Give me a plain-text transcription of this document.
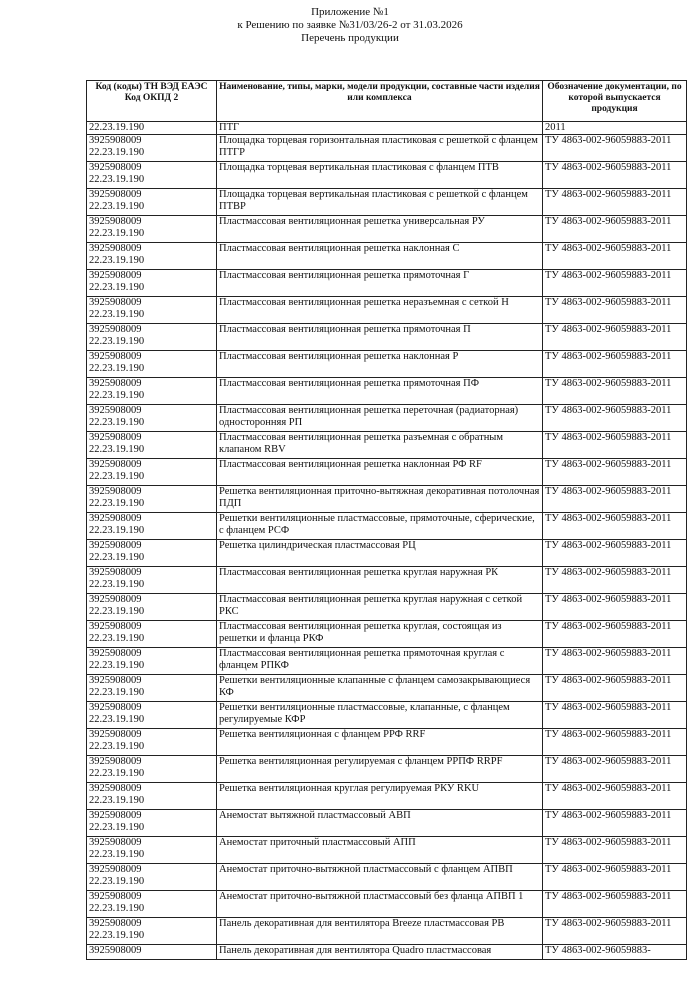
Приложение №1
к Решению по заявке №31/03/26-2 от 31.03.2026
Перечень продукции
Код (коды) ТН ВЭД ЕАЭС Код ОКПД 2	Наименование, типы, марки, модели продукции, составные части изделия или комплекса	Обозначение документации, по которой выпускается продукция

22.23.19.190	ПТГ	2011

3925908009
22.23.19.190	Площадка торцевая горизонтальная пластиковая с решеткой с фланцем ПТГР	ТУ 4863-002-96059883-2011

3925908009
22.23.19.190	Площадка торцевая вертикальная пластиковая с фланцем ПТВ	ТУ 4863-002-96059883-2011

3925908009
22.23.19.190	Площадка торцевая вертикальная пластиковая с решеткой с фланцем ПТВР	ТУ 4863-002-96059883-2011

3925908009
22.23.19.190	Пластмассовая вентиляционная решетка универсальная РУ	ТУ 4863-002-96059883-2011

3925908009
22.23.19.190	Пластмассовая вентиляционная решетка наклонная С	ТУ 4863-002-96059883-2011

3925908009
22.23.19.190	Пластмассовая вентиляционная решетка прямоточная Г	ТУ 4863-002-96059883-2011

3925908009
22.23.19.190	Пластмассовая вентиляционная решетка неразъемная с сеткой Н	ТУ 4863-002-96059883-2011

3925908009
22.23.19.190	Пластмассовая вентиляционная решетка прямоточная П	ТУ 4863-002-96059883-2011

3925908009
22.23.19.190	Пластмассовая вентиляционная решетка наклонная Р	ТУ 4863-002-96059883-2011

3925908009
22.23.19.190	Пластмассовая вентиляционная решетка прямоточная ПФ	ТУ 4863-002-96059883-2011

3925908009
22.23.19.190	Пластмассовая вентиляционная решетка переточная (радиаторная) односторонняя РП	ТУ 4863-002-96059883-2011

3925908009
22.23.19.190	Пластмассовая вентиляционная решетка разъемная с обратным клапаном RBV	ТУ 4863-002-96059883-2011

3925908009
22.23.19.190	Пластмассовая вентиляционная решетка наклонная РФ RF	ТУ 4863-002-96059883-2011

3925908009
22.23.19.190	Решетка вентиляционная приточно-вытяжная декоративная потолочная ПДП	ТУ 4863-002-96059883-2011

3925908009
22.23.19.190	Решетки вентиляционные пластмассовые, прямоточные, сферические, с фланцем РСФ	ТУ 4863-002-96059883-2011

3925908009
22.23.19.190	Решетка цилиндрическая пластмассовая РЦ	ТУ 4863-002-96059883-2011

3925908009
22.23.19.190	Пластмассовая вентиляционная решетка круглая наружная РК	ТУ 4863-002-96059883-2011

3925908009
22.23.19.190	Пластмассовая вентиляционная решетка круглая наружная с сеткой РКС	ТУ 4863-002-96059883-2011

3925908009
22.23.19.190	Пластмассовая вентиляционная решетка круглая, состоящая из решетки и фланца РКФ	ТУ 4863-002-96059883-2011

3925908009
22.23.19.190	Пластмассовая вентиляционная решетка прямоточная круглая с фланцем РПКФ	ТУ 4863-002-96059883-2011

3925908009
22.23.19.190	Решетки вентиляционные клапанные с фланцем самозакрывающиеся КФ	ТУ 4863-002-96059883-2011

3925908009
22.23.19.190	Решетки вентиляционные пластмассовые, клапанные, с фланцем регулируемые КФР	ТУ 4863-002-96059883-2011

3925908009
22.23.19.190	Решетка вентиляционная с фланцем РРФ RRF	ТУ 4863-002-96059883-2011

3925908009
22.23.19.190	Решетка вентиляционная регулируемая с фланцем РРПФ RRPF	ТУ 4863-002-96059883-2011

3925908009
22.23.19.190	Решетка вентиляционная круглая регулируемая РКУ RKU	ТУ 4863-002-96059883-2011

3925908009
22.23.19.190	Анемостат вытяжной пластмассовый АВП	ТУ 4863-002-96059883-2011

3925908009
22.23.19.190	Анемостат приточный пластмассовый АПП	ТУ 4863-002-96059883-2011

3925908009
22.23.19.190	Анемостат приточно-вытяжной пластмассовый с фланцем АПВП	ТУ 4863-002-96059883-2011

3925908009
22.23.19.190	Анемостат приточно-вытяжной пластмассовый без фланца АПВП 1	ТУ 4863-002-96059883-2011

3925908009
22.23.19.190	Панель декоративная для вентилятора Breeze пластмассовая РВ	ТУ 4863-002-96059883-2011

3925908009	Панель декоративная для вентилятора Quadro пластмассовая	ТУ 4863-002-96059883-
